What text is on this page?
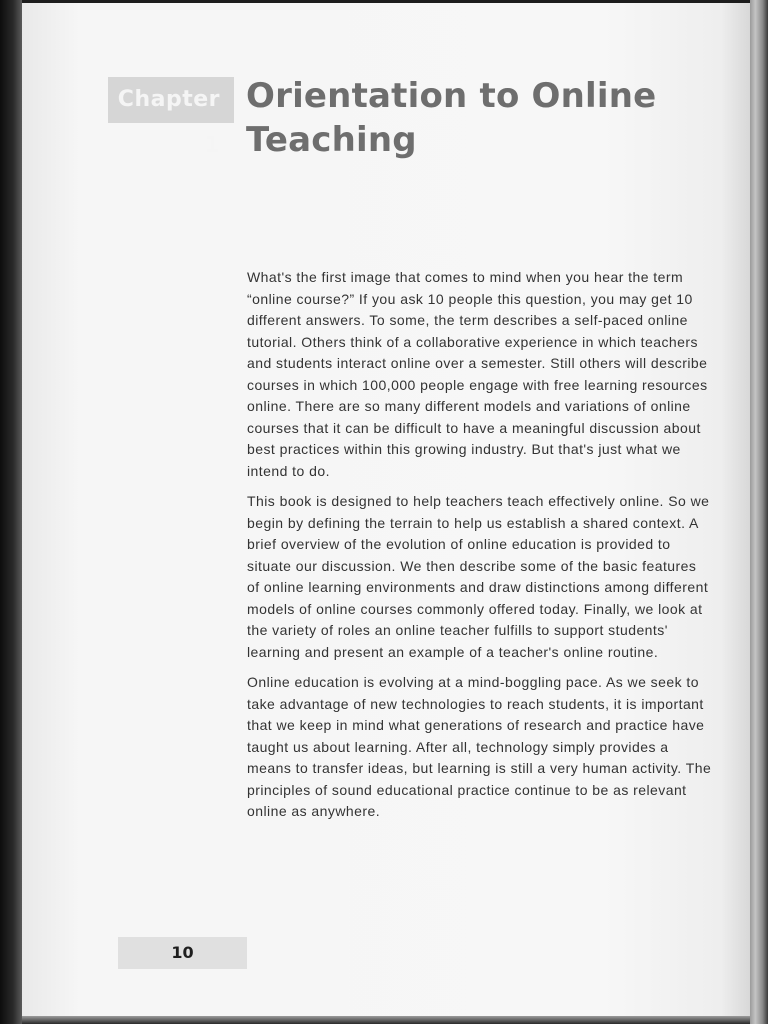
Chapter 1
Orientation to Online Teaching

What's the first image that comes to mind when you hear the term “online course?” If you ask 10 people this question, you may get 10 different answers. To some, the term describes a self-paced online tutorial. Others think of a collaborative experience in which teachers and students interact online over a semester. Still others will describe courses in which 100,000 people engage with free learning resources online. There are so many different models and variations of online courses that it can be difficult to have a meaningful discussion about best practices within this growing industry. But that's just what we intend to do.

This book is designed to help teachers teach effectively online. So we begin by defining the terrain to help us establish a shared context. A brief overview of the evolution of online education is provided to situate our discussion. We then describe some of the basic features of online learning environments and draw distinctions among different models of online courses commonly offered today. Finally, we look at the variety of roles an online teacher fulfills to support students' learning and present an example of a teacher's online routine.

Online education is evolving at a mind-boggling pace. As we seek to take advantage of new technologies to reach students, it is important that we keep in mind what generations of research and practice have taught us about learning. After all, technology simply provides a means to transfer ideas, but learning is still a very human activity. The principles of sound educational practice continue to be as relevant online as anywhere.

10
